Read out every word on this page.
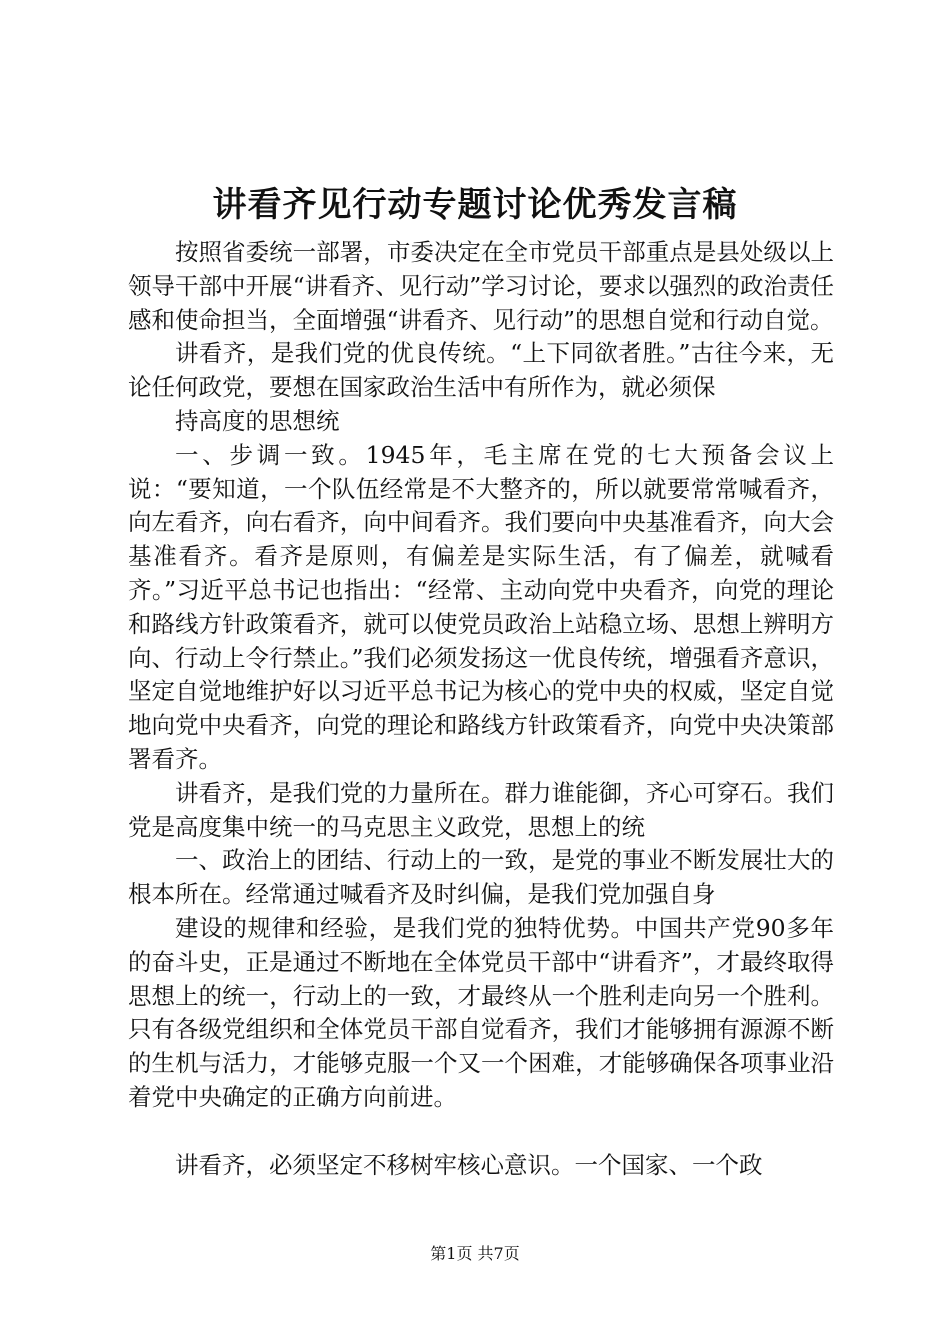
讲看齐见行动专题讨论优秀发言稿

按照省委统一部署，市委决定在全市党员干部重点是县处级以上领导干部中开展“讲看齐、见行动”学习讨论，要求以强烈的政治责任感和使命担当，全面增强“讲看齐、见行动”的思想自觉和行动自觉。

讲看齐，是我们党的优良传统。“上下同欲者胜。”古往今来，无论任何政党，要想在国家政治生活中有所作为，就必须保

持高度的思想统

一、步调一致。1945年，毛主席在党的七大预备会议上说：“要知道，一个队伍经常是不大整齐的，所以就要常常喊看齐，向左看齐，向右看齐，向中间看齐。我们要向中央基准看齐，向大会基准看齐。看齐是原则，有偏差是实际生活，有了偏差，就喊看齐。”习近平总书记也指出：“经常、主动向党中央看齐，向党的理论和路线方针政策看齐，就可以使党员政治上站稳立场、思想上辨明方向、行动上令行禁止。”我们必须发扬这一优良传统，增强看齐意识，坚定自觉地维护好以习近平总书记为核心的党中央的权威，坚定自觉地向党中央看齐，向党的理论和路线方针政策看齐，向党中央决策部署看齐。

讲看齐，是我们党的力量所在。群力谁能御，齐心可穿石。我们党是高度集中统一的马克思主义政党，思想上的统

一、政治上的团结、行动上的一致，是党的事业不断发展壮大的根本所在。经常通过喊看齐及时纠偏，是我们党加强自身

建设的规律和经验，是我们党的独特优势。中国共产党90多年的奋斗史，正是通过不断地在全体党员干部中“讲看齐”，才最终取得思想上的统一，行动上的一致，才最终从一个胜利走向另一个胜利。只有各级党组织和全体党员干部自觉看齐，我们才能够拥有源源不断的生机与活力，才能够克服一个又一个困难，才能够确保各项事业沿着党中央确定的正确方向前进。

讲看齐，必须坚定不移树牢核心意识。一个国家、一个政

第1页 共7页
